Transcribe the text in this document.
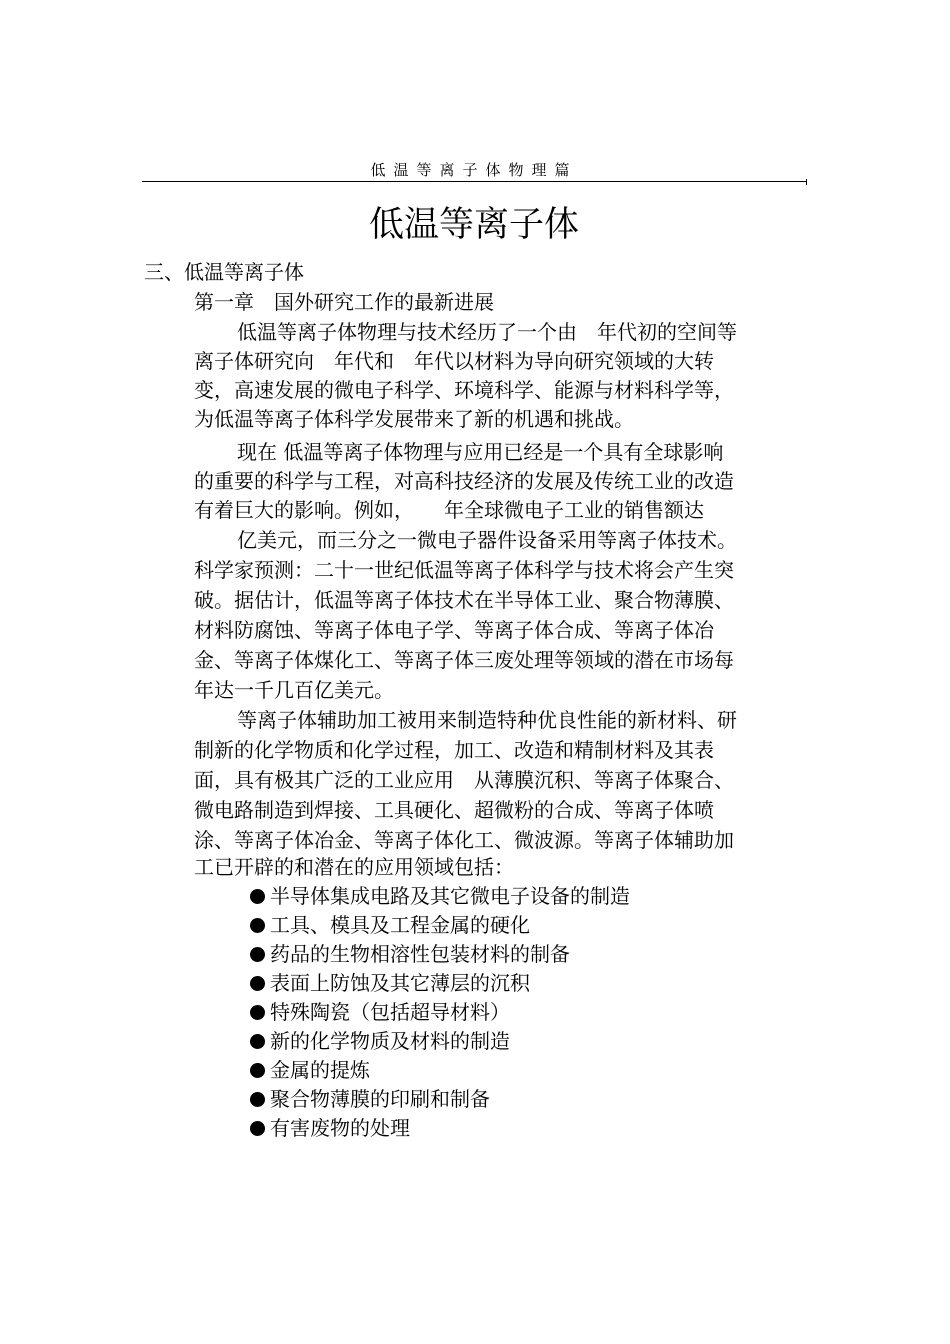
低温等离子体物理篇
低温等离子体
三、低温等离子体
第一章　国外研究工作的最新进展
低温等离子体物理与技术经历了一个由　年代初的空间等
离子体研究向　年代和　年代以材料为导向研究领域的大转
变，高速发展的微电子科学、环境科学、能源与材料科学等，
为低温等离子体科学发展带来了新的机遇和挑战。
现在 低温等离子体物理与应用已经是一个具有全球影响
的重要的科学与工程，对高科技经济的发展及传统工业的改造
有着巨大的影响。例如，　　年全球微电子工业的销售额达
亿美元，而三分之一微电子器件设备采用等离子体技术。
科学家预测：二十一世纪低温等离子体科学与技术将会产生突
破。据估计，低温等离子体技术在半导体工业、聚合物薄膜、
材料防腐蚀、等离子体电子学、等离子体合成、等离子体冶
金、等离子体煤化工、等离子体三废处理等领域的潜在市场每
年达一千几百亿美元。
等离子体辅助加工被用来制造特种优良性能的新材料、研
制新的化学物质和化学过程，加工、改造和精制材料及其表
面，具有极其广泛的工业应用　从薄膜沉积、等离子体聚合、
微电路制造到焊接、工具硬化、超微粉的合成、等离子体喷
涂、等离子体冶金、等离子体化工、微波源。等离子体辅助加
工已开辟的和潜在的应用领域包括：
半导体集成电路及其它微电子设备的制造
工具、模具及工程金属的硬化
药品的生物相溶性包装材料的制备
表面上防蚀及其它薄层的沉积
特殊陶瓷（包括超导材料）
新的化学物质及材料的制造
金属的提炼
聚合物薄膜的印刷和制备
有害废物的处理
